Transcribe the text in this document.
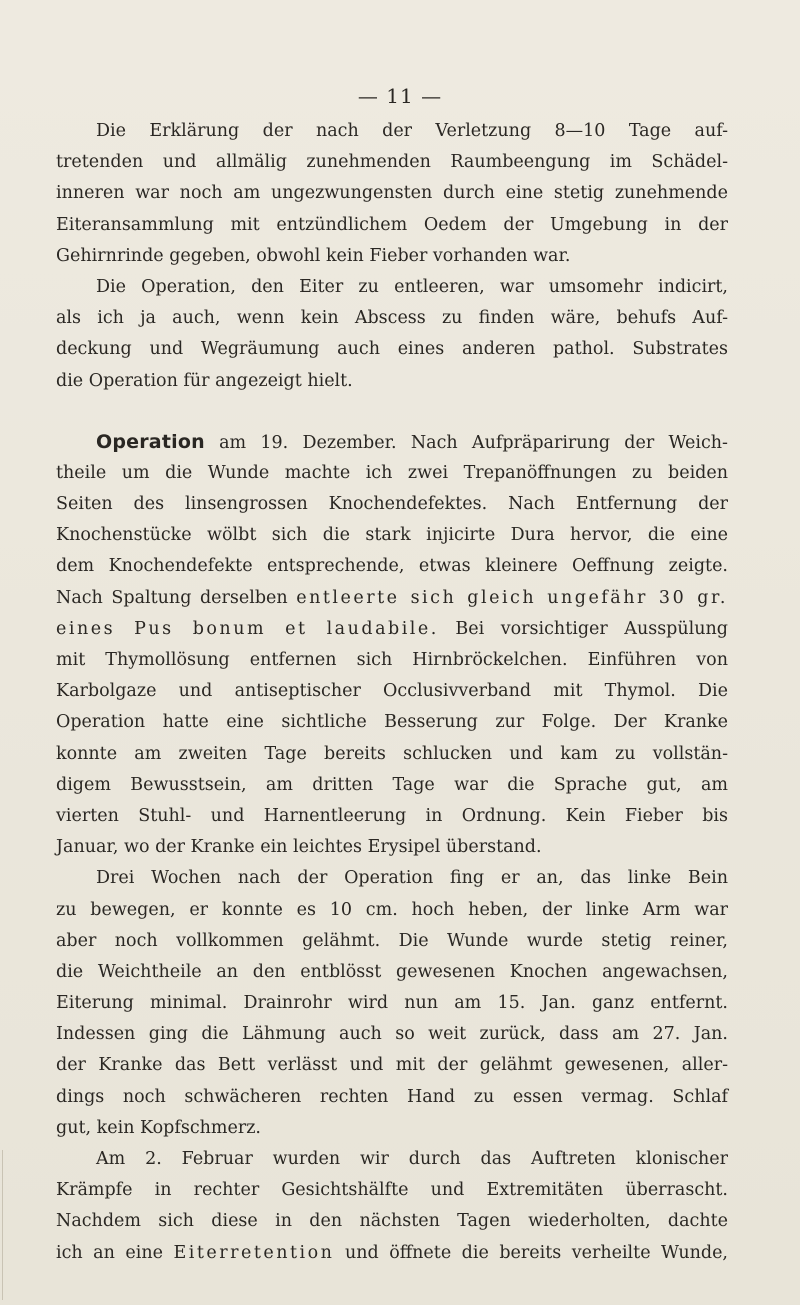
— 11 —
Die Erklärung der nach der Verletzung 8—10 Tage auf-
tretenden und allmälig zunehmenden Raumbeengung im Schädel-
inneren war noch am ungezwungensten durch eine stetig zunehmende
Eiteransammlung mit entzündlichem Oedem der Umgebung in der
Gehirnrinde gegeben, obwohl kein Fieber vorhanden war.
Die Operation, den Eiter zu entleeren, war umsomehr indicirt,
als ich ja auch, wenn kein Abscess zu finden wäre, behufs Auf-
deckung und Wegräumung auch eines anderen pathol. Substrates
die Operation für angezeigt hielt.
Operation am 19. Dezember. Nach Aufpräparirung der Weich-
theile um die Wunde machte ich zwei Trepanöffnungen zu beiden
Seiten des linsengrossen Knochendefektes. Nach Entfernung der
Knochenstücke wölbt sich die stark injicirte Dura hervor, die eine
dem Knochendefekte entsprechende, etwas kleinere Oeffnung zeigte.
Nach Spaltung derselben entleerte sich gleich ungefähr 30 gr.
eines Pus bonum et laudabile. Bei vorsichtiger Ausspülung
mit Thymollösung entfernen sich Hirnbröckelchen. Einführen von
Karbolgaze und antiseptischer Occlusivverband mit Thymol. Die
Operation hatte eine sichtliche Besserung zur Folge. Der Kranke
konnte am zweiten Tage bereits schlucken und kam zu vollstän-
digem Bewusstsein, am dritten Tage war die Sprache gut, am
vierten Stuhl- und Harnentleerung in Ordnung. Kein Fieber bis
Januar, wo der Kranke ein leichtes Erysipel überstand.
Drei Wochen nach der Operation fing er an, das linke Bein
zu bewegen, er konnte es 10 cm. hoch heben, der linke Arm war
aber noch vollkommen gelähmt. Die Wunde wurde stetig reiner,
die Weichtheile an den entblösst gewesenen Knochen angewachsen,
Eiterung minimal. Drainrohr wird nun am 15. Jan. ganz entfernt.
Indessen ging die Lähmung auch so weit zurück, dass am 27. Jan.
der Kranke das Bett verlässt und mit der gelähmt gewesenen, aller-
dings noch schwächeren rechten Hand zu essen vermag. Schlaf
gut, kein Kopfschmerz.
Am 2. Februar wurden wir durch das Auftreten klonischer
Krämpfe in rechter Gesichtshälfte und Extremitäten überrascht.
Nachdem sich diese in den nächsten Tagen wiederholten, dachte
ich an eine Eiterretention und öffnete die bereits verheilte Wunde,
